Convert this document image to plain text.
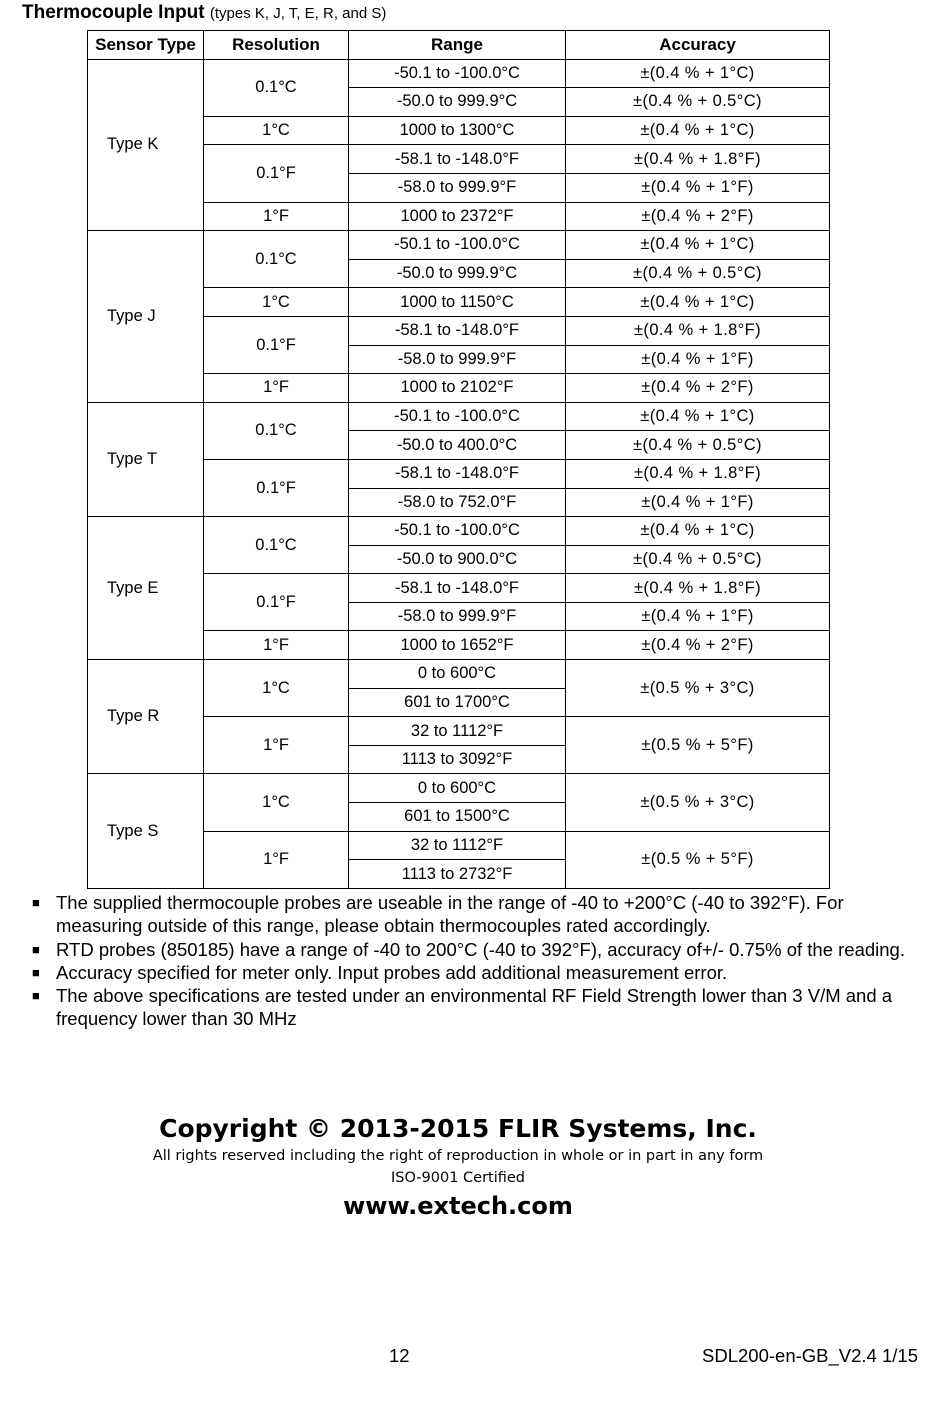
Thermocouple Input (types K, J, T, E, R, and S)
Sensor Type	Resolution	Range	Accuracy
Type K	0.1°C	-50.1 to -100.0°C	±(0.4 % + 1°C)
		-50.0 to 999.9°C	±(0.4 % + 0.5°C)
	1°C	1000 to 1300°C	±(0.4 % + 1°C)
	0.1°F	-58.1 to -148.0°F	±(0.4 % + 1.8°F)
		-58.0 to 999.9°F	±(0.4 % + 1°F)
	1°F	1000 to 2372°F	±(0.4 % + 2°F)
Type J	0.1°C	-50.1 to -100.0°C	±(0.4 % + 1°C)
		-50.0 to 999.9°C	±(0.4 % + 0.5°C)
	1°C	1000 to 1150°C	±(0.4 % + 1°C)
	0.1°F	-58.1 to -148.0°F	±(0.4 % + 1.8°F)
		-58.0 to 999.9°F	±(0.4 % + 1°F)
	1°F	1000 to 2102°F	±(0.4 % + 2°F)
Type T	0.1°C	-50.1 to -100.0°C	±(0.4 % + 1°C)
		-50.0 to 400.0°C	±(0.4 % + 0.5°C)
	0.1°F	-58.1 to -148.0°F	±(0.4 % + 1.8°F)
		-58.0 to 752.0°F	±(0.4 % + 1°F)
Type E	0.1°C	-50.1 to -100.0°C	±(0.4 % + 1°C)
		-50.0 to 900.0°C	±(0.4 % + 0.5°C)
	0.1°F	-58.1 to -148.0°F	±(0.4 % + 1.8°F)
		-58.0 to 999.9°F	±(0.4 % + 1°F)
	1°F	1000 to 1652°F	±(0.4 % + 2°F)
Type R	1°C	0 to 600°C	±(0.5 % + 3°C)
		601 to 1700°C	
	1°F	32 to 1112°F	±(0.5 % + 5°F)
		1113 to 3092°F	
Type S	1°C	0 to 600°C	±(0.5 % + 3°C)
		601 to 1500°C	
	1°F	32 to 1112°F	±(0.5 % + 5°F)
		1113 to 2732°F	
■ The supplied thermocouple probes are useable in the range of -40 to +200°C (-40 to 392°F). For measuring outside of this range, please obtain thermocouples rated accordingly.
■ RTD probes (850185) have a range of -40 to 200°C (-40 to 392°F), accuracy of+/- 0.75% of the reading.
■ Accuracy specified for meter only. Input probes add additional measurement error.
■ The above specifications are tested under an environmental RF Field Strength lower than 3 V/M and a frequency lower than 30 MHz
Copyright © 2013-2015 FLIR Systems, Inc.
All rights reserved including the right of reproduction in whole or in part in any form
ISO-9001 Certified
www.extech.com
12	SDL200-en-GB_V2.4 1/15
